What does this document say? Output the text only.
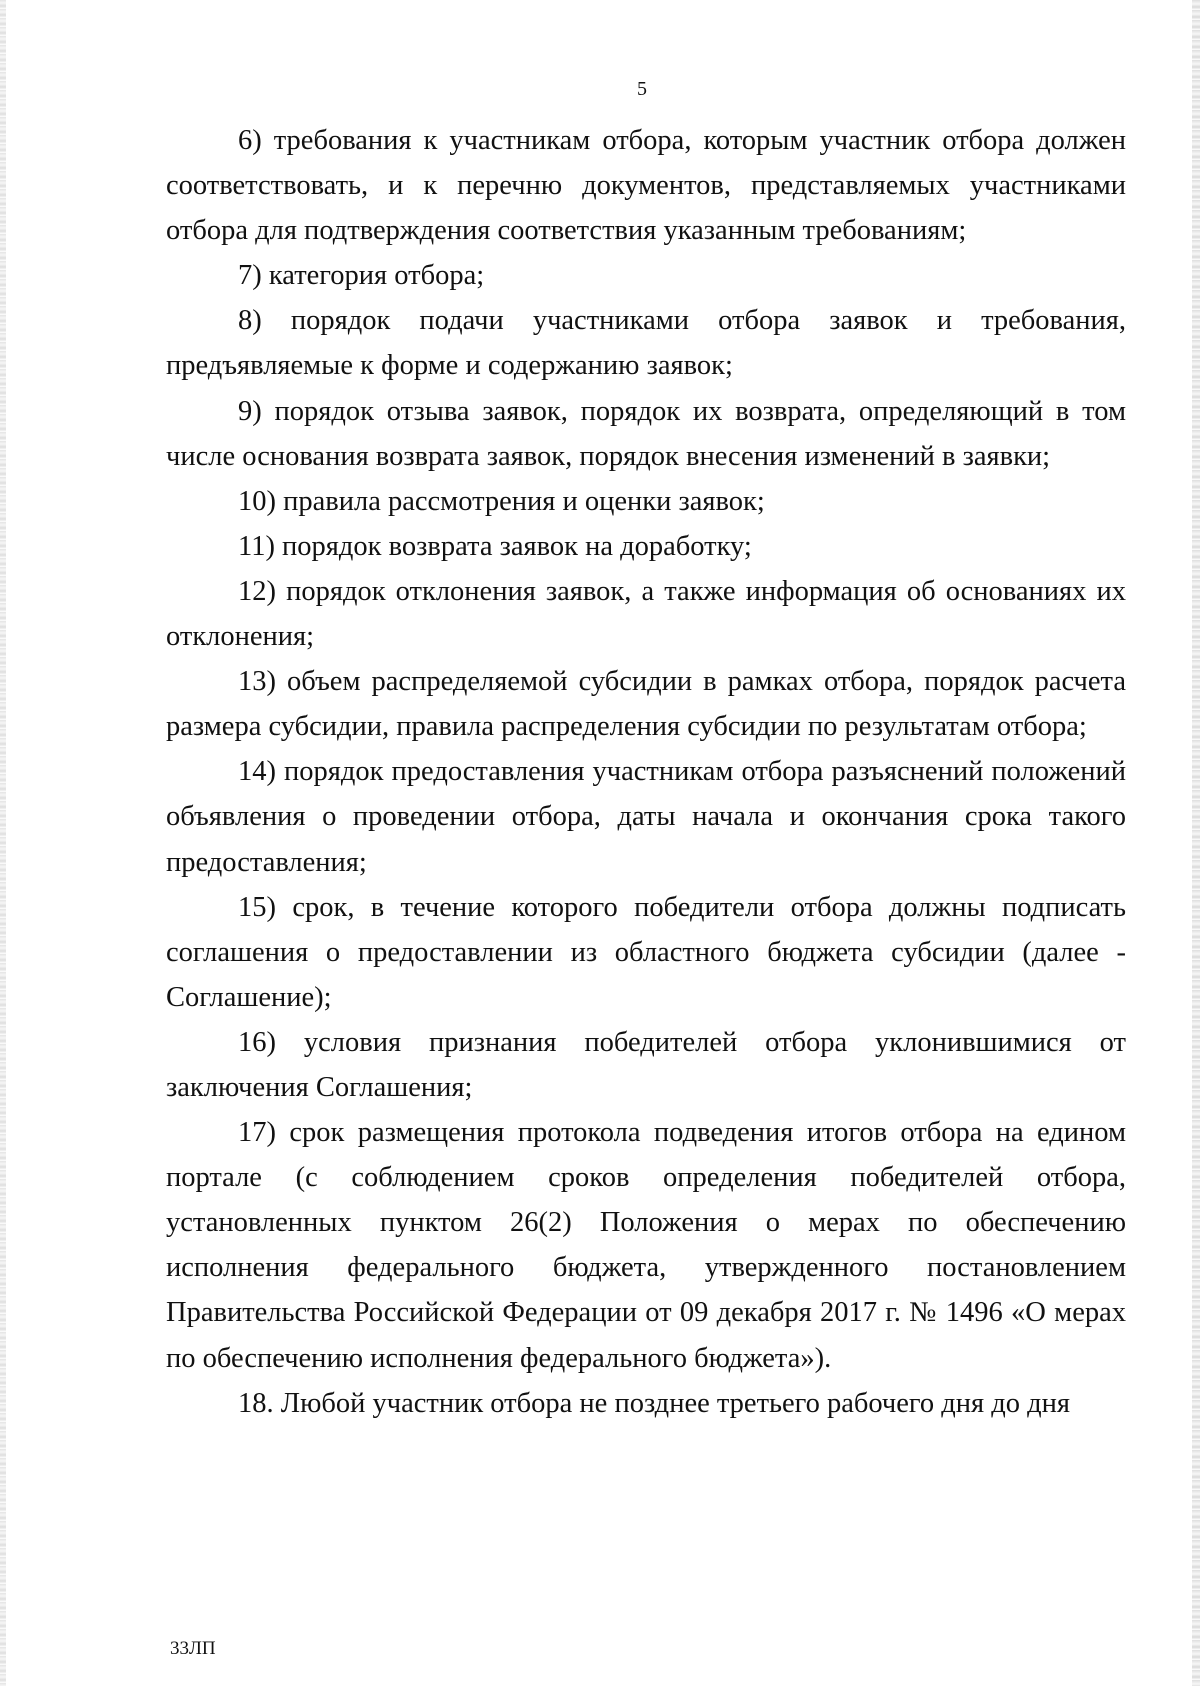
5

6) требования к участникам отбора, которым участник отбора должен соответствовать, и к перечню документов, представляемых участниками отбора для подтверждения соответствия указанным требованиям;

7) категория отбора;

8) порядок подачи участниками отбора заявок и требования, предъявляемые к форме и содержанию заявок;

9) порядок отзыва заявок, порядок их возврата, определяющий в том числе основания возврата заявок, порядок внесения изменений в заявки;

10) правила рассмотрения и оценки заявок;

11) порядок возврата заявок на доработку;

12) порядок отклонения заявок, а также информация об основаниях их отклонения;

13) объем распределяемой субсидии в рамках отбора, порядок расчета размера субсидии, правила распределения субсидии по результатам отбора;

14) порядок предоставления участникам отбора разъяснений положений объявления о проведении отбора, даты начала и окончания срока такого предоставления;

15) срок, в течение которого победители отбора должны подписать соглашения о предоставлении из областного бюджета субсидии (далее - Соглашение);

16) условия признания победителей отбора уклонившимися от заключения Соглашения;

17) срок размещения протокола подведения итогов отбора на едином портале (с соблюдением сроков определения победителей отбора, установленных пунктом 26(2) Положения о мерах по обеспечению исполнения федерального бюджета, утвержденного постановлением Правительства Российской Федерации от 09 декабря 2017 г. № 1496 «О мерах по обеспечению исполнения федерального бюджета»).

18. Любой участник отбора не позднее третьего рабочего дня до дня

33ЛП
